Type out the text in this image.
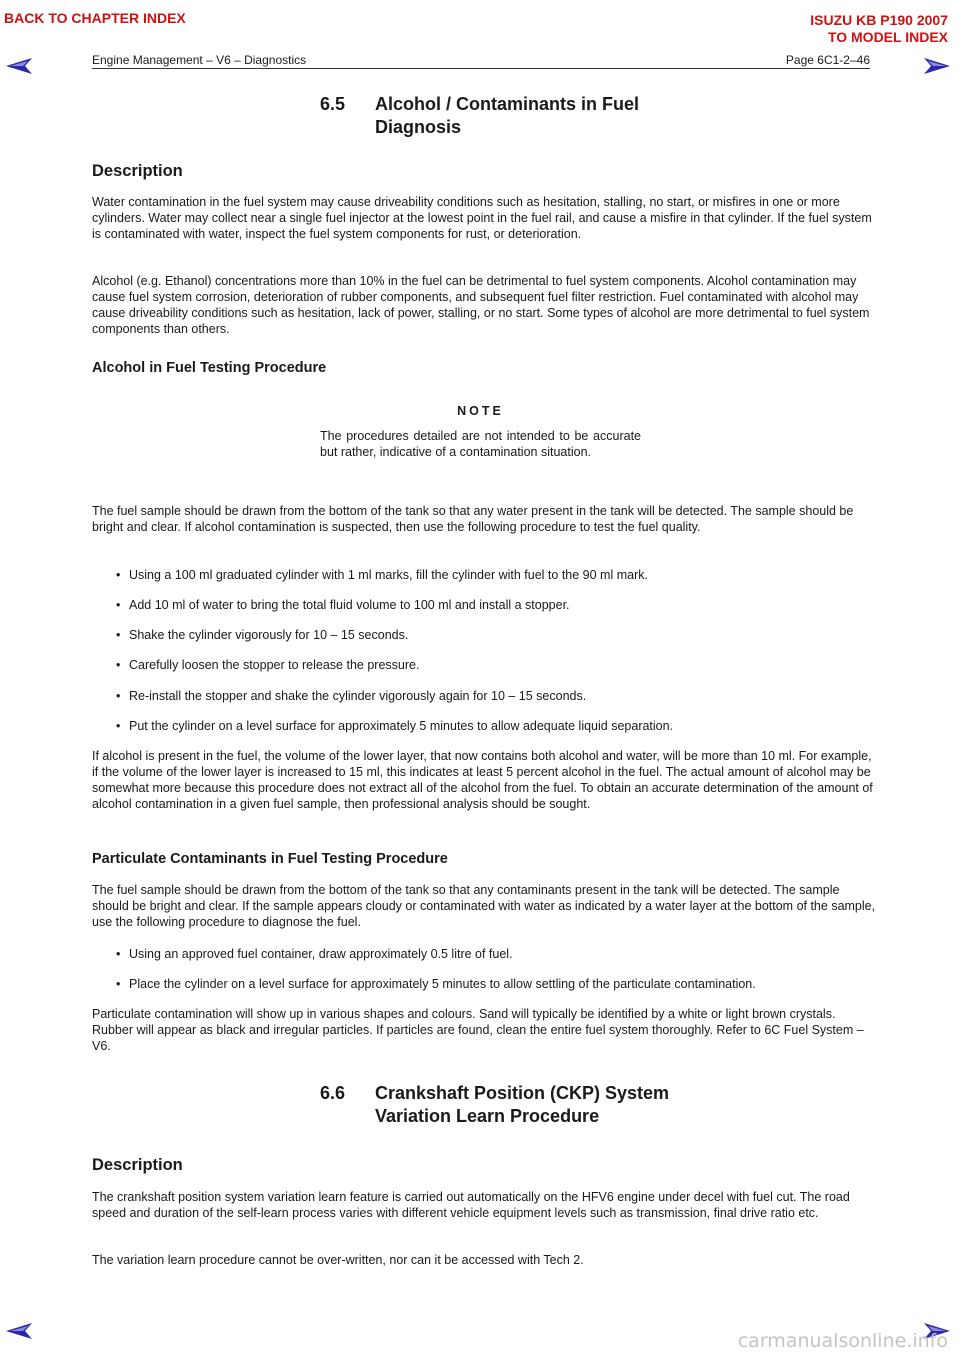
BACK TO CHAPTER INDEX	ISUZU KB P190 2007
TO MODEL INDEX
Engine Management – V6 – Diagnostics	Page 6C1-2–46
6.5 Alcohol / Contaminants in Fuel
Diagnosis
Description

Water contamination in the fuel system may cause driveability conditions such as hesitation, stalling, no start, or misfires in one or more cylinders. Water may collect near a single fuel injector at the lowest point in the fuel rail, and cause a misfire in that cylinder. If the fuel system is contaminated with water, inspect the fuel system components for rust, or deterioration.

Alcohol (e.g. Ethanol) concentrations more than 10% in the fuel can be detrimental to fuel system components. Alcohol contamination may cause fuel system corrosion, deterioration of rubber components, and subsequent fuel filter restriction. Fuel contaminated with alcohol may cause driveability conditions such as hesitation, lack of power, stalling, or no start. Some types of alcohol are more detrimental to fuel system components than others.

Alcohol in Fuel Testing Procedure
NOTE

The procedures detailed are not intended to be accurate but rather, indicative of a contamination situation.

The fuel sample should be drawn from the bottom of the tank so that any water present in the tank will be detected. The sample should be bright and clear. If alcohol contamination is suspected, then use the following procedure to test the fuel quality.

• Using a 100 ml graduated cylinder with 1 ml marks, fill the cylinder with fuel to the 90 ml mark.
• Add 10 ml of water to bring the total fluid volume to 100 ml and install a stopper.
• Shake the cylinder vigorously for 10 – 15 seconds.
• Carefully loosen the stopper to release the pressure.
• Re-install the stopper and shake the cylinder vigorously again for 10 – 15 seconds.
• Put the cylinder on a level surface for approximately 5 minutes to allow adequate liquid separation.

If alcohol is present in the fuel, the volume of the lower layer, that now contains both alcohol and water, will be more than 10 ml. For example, if the volume of the lower layer is increased to 15 ml, this indicates at least 5 percent alcohol in the fuel. The actual amount of alcohol may be somewhat more because this procedure does not extract all of the alcohol from the fuel. To obtain an accurate determination of the amount of alcohol contamination in a given fuel sample, then professional analysis should be sought.

Particulate Contaminants in Fuel Testing Procedure

The fuel sample should be drawn from the bottom of the tank so that any contaminants present in the tank will be detected. The sample should be bright and clear. If the sample appears cloudy or contaminated with water as indicated by a water layer at the bottom of the sample, use the following procedure to diagnose the fuel.

• Using an approved fuel container, draw approximately 0.5 litre of fuel.
• Place the cylinder on a level surface for approximately 5 minutes to allow settling of the particulate contamination.

Particulate contamination will show up in various shapes and colours. Sand will typically be identified by a white or light brown crystals. Rubber will appear as black and irregular particles. If particles are found, clean the entire fuel system thoroughly. Refer to 6C Fuel System – V6.

6.6 Crankshaft Position (CKP) System
Variation Learn Procedure
Description

The crankshaft position system variation learn feature is carried out automatically on the HFV6 engine under decel with fuel cut. The road speed and duration of the self-learn process varies with different vehicle equipment levels such as transmission, final drive ratio etc.

The variation learn procedure cannot be over-written, nor can it be accessed with Tech 2.

carmanualsonline.info
